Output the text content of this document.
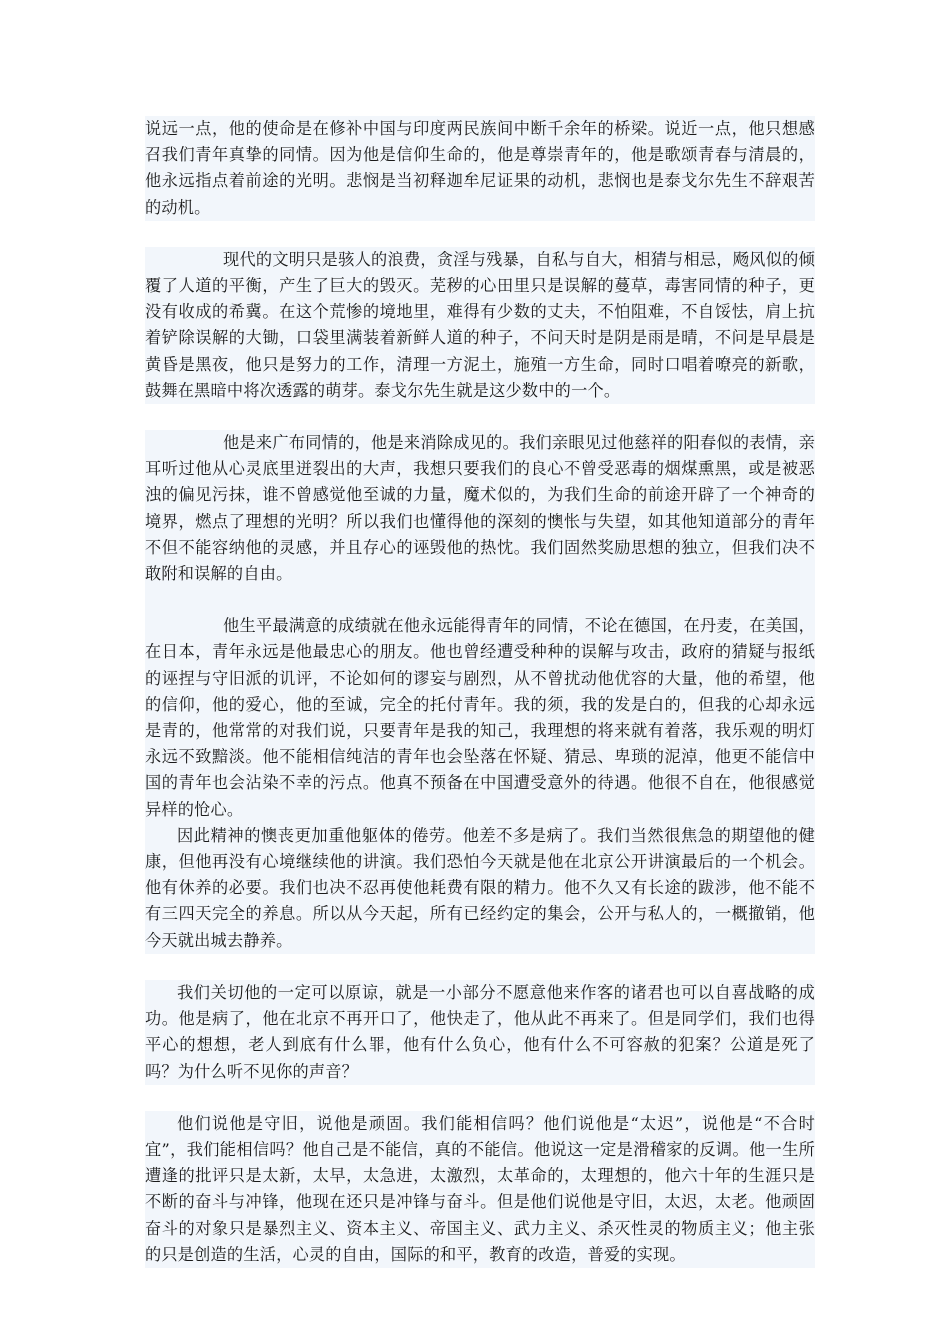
说远一点，他的使命是在修补中国与印度两民族间中断千余年的桥梁。说近一点，他只想感召我们青年真挚的同情。因为他是信仰生命的，他是尊崇青年的，他是歌颂青春与清晨的，他永远指点着前途的光明。悲悯是当初释迦牟尼证果的动机，悲悯也是泰戈尔先生不辞艰苦的动机。

现代的文明只是骇人的浪费，贪淫与残暴，自私与自大，相猜与相忌，飏风似的倾覆了人道的平衡，产生了巨大的毁灭。芜秽的心田里只是误解的蔓草，毒害同情的种子，更没有收成的希冀。在这个荒惨的境地里，难得有少数的丈夫，不怕阻难，不自馁怯，肩上抗着铲除误解的大锄，口袋里满装着新鲜人道的种子，不问天时是阴是雨是晴，不问是早晨是黄昏是黑夜，他只是努力的工作，清理一方泥土，施殖一方生命，同时口唱着嘹亮的新歌，鼓舞在黑暗中将次透露的萌芽。泰戈尔先生就是这少数中的一个。

他是来广布同情的，他是来消除成见的。我们亲眼见过他慈祥的阳春似的表情，亲耳听过他从心灵底里迸裂出的大声，我想只要我们的良心不曾受恶毒的烟煤熏黑，或是被恶浊的偏见污抹，谁不曾感觉他至诚的力量，魔术似的，为我们生命的前途开辟了一个神奇的境界，燃点了理想的光明？所以我们也懂得他的深刻的懊怅与失望，如其他知道部分的青年不但不能容纳他的灵感，并且存心的诬毁他的热忱。我们固然奖励思想的独立，但我们决不敢附和误解的自由。

他生平最满意的成绩就在他永远能得青年的同情，不论在德国，在丹麦，在美国，在日本，青年永远是他最忠心的朋友。他也曾经遭受种种的误解与攻击，政府的猜疑与报纸的诬捏与守旧派的讥评，不论如何的谬妄与剧烈，从不曾扰动他优容的大量，他的希望，他的信仰，他的爱心，他的至诚，完全的托付青年。我的须，我的发是白的，但我的心却永远是青的，他常常的对我们说，只要青年是我的知己，我理想的将来就有着落，我乐观的明灯永远不致黯淡。他不能相信纯洁的青年也会坠落在怀疑、猜忌、卑琐的泥淖，他更不能信中国的青年也会沾染不幸的污点。他真不预备在中国遭受意外的待遇。他很不自在，他很感觉异样的怆心。

因此精神的懊丧更加重他躯体的倦劳。他差不多是病了。我们当然很焦急的期望他的健康，但他再没有心境继续他的讲演。我们恐怕今天就是他在北京公开讲演最后的一个机会。他有休养的必要。我们也决不忍再使他耗费有限的精力。他不久又有长途的跋涉，他不能不有三四天完全的养息。所以从今天起，所有已经约定的集会，公开与私人的，一概撤销，他今天就出城去静养。

我们关切他的一定可以原谅，就是一小部分不愿意他来作客的诸君也可以自喜战略的成功。他是病了，他在北京不再开口了，他快走了，他从此不再来了。但是同学们，我们也得平心的想想，老人到底有什么罪，他有什么负心，他有什么不可容赦的犯案？公道是死了吗？为什么听不见你的声音？

他们说他是守旧，说他是顽固。我们能相信吗？他们说他是“太迟”，说他是“不合时宜”，我们能相信吗？他自己是不能信，真的不能信。他说这一定是滑稽家的反调。他一生所遭逢的批评只是太新，太早，太急进，太激烈，太革命的，太理想的，他六十年的生涯只是不断的奋斗与冲锋，他现在还只是冲锋与奋斗。但是他们说他是守旧，太迟，太老。他顽固奋斗的对象只是暴烈主义、资本主义、帝国主义、武力主义、杀灭性灵的物质主义；他主张的只是创造的生活，心灵的自由，国际的和平，教育的改造，普爱的实现。
